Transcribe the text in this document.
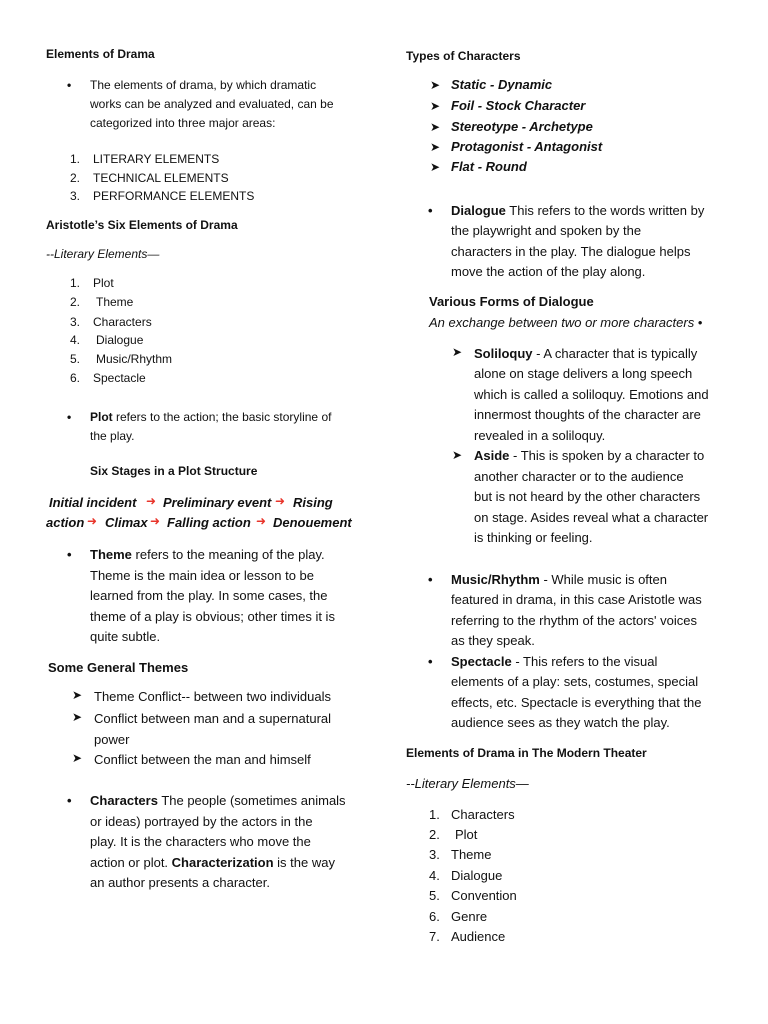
Elements of Drama
• The elements of drama, by which dramatic
works can be analyzed and evaluated, can be
categorized into three major areas:
1. LITERARY ELEMENTS
2. TECHNICAL ELEMENTS
3. PERFORMANCE ELEMENTS
Aristotle’s Six Elements of Drama
--Literary Elements—
1. Plot
2. Theme
3. Characters
4. Dialogue
5. Music/Rhythm
6. Spectacle
• Plot refers to the action; the basic storyline of
the play.
Six Stages in a Plot Structure
Initial incident ➜ Preliminary event ➜ Rising
action ➜ Climax ➜ Falling action ➜ Denouement
• Theme refers to the meaning of the play.
Theme is the main idea or lesson to be
learned from the play. In some cases, the
theme of a play is obvious; other times it is
quite subtle.
Some General Themes
➤ Theme Conflict-- between two individuals
➤ Conflict between man and a supernatural
power
➤ Conflict between the man and himself
• Characters The people (sometimes animals
or ideas) portrayed by the actors in the
play. It is the characters who move the
action or plot. Characterization is the way
an author presents a character.
Types of Characters
➤ Static - Dynamic
➤ Foil - Stock Character
➤ Stereotype - Archetype
➤ Protagonist - Antagonist
➤ Flat - Round
• Dialogue This refers to the words written by
the playwright and spoken by the
characters in the play. The dialogue helps
move the action of the play along.
Various Forms of Dialogue
An exchange between two or more characters •
➤ Soliloquy - A character that is typically
alone on stage delivers a long speech
which is called a soliloquy. Emotions and
innermost thoughts of the character are
revealed in a soliloquy.
➤ Aside - This is spoken by a character to
another character or to the audience
but is not heard by the other characters
on stage. Asides reveal what a character
is thinking or feeling.
• Music/Rhythm - While music is often
featured in drama, in this case Aristotle was
referring to the rhythm of the actors' voices
as they speak.
• Spectacle - This refers to the visual
elements of a play: sets, costumes, special
effects, etc. Spectacle is everything that the
audience sees as they watch the play.
Elements of Drama in The Modern Theater
--Literary Elements—
1. Characters
2. Plot
3. Theme
4. Dialogue
5. Convention
6. Genre
7. Audience
